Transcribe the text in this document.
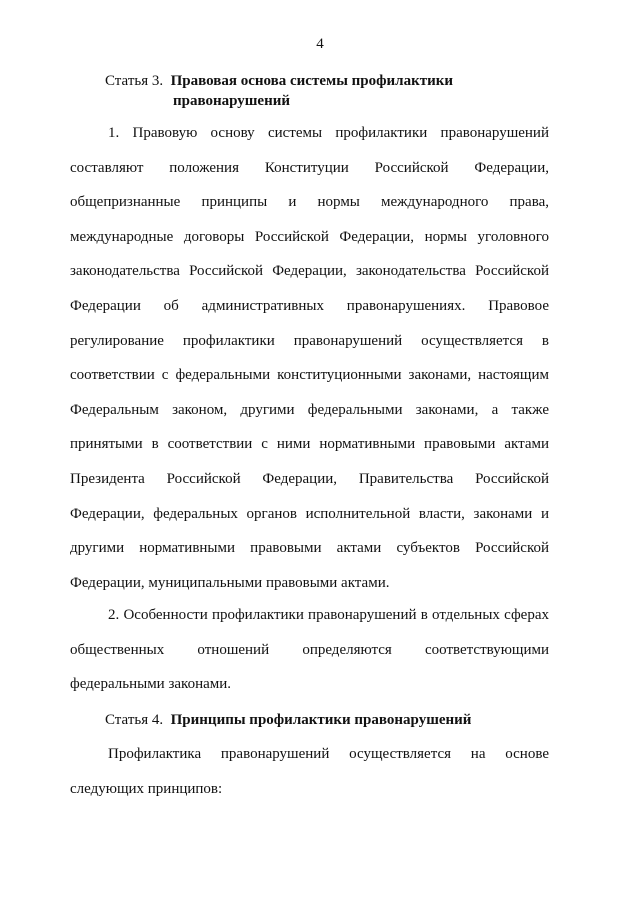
4
Статья 3. Правовая основа системы профилактики
правонарушений

1. Правовую основу системы профилактики правонарушений составляют положения Конституции Российской Федерации, общепризнанные принципы и нормы международного права, международные договоры Российской Федерации, нормы уголовного законодательства Российской Федерации, законодательства Российской Федерации об административных правонарушениях. Правовое регулирование профилактики правонарушений осуществляется в соответствии с федеральными конституционными законами, настоящим Федеральным законом, другими федеральными законами, а также принятыми в соответствии с ними нормативными правовыми актами Президента Российской Федерации, Правительства Российской Федерации, федеральных органов исполнительной власти, законами и другими нормативными правовыми актами субъектов Российской Федерации, муниципальными правовыми актами.

2. Особенности профилактики правонарушений в отдельных сферах общественных отношений определяются соответствующими федеральными законами.

Статья 4. Принципы профилактики правонарушений

Профилактика правонарушений осуществляется на основе следующих принципов:
